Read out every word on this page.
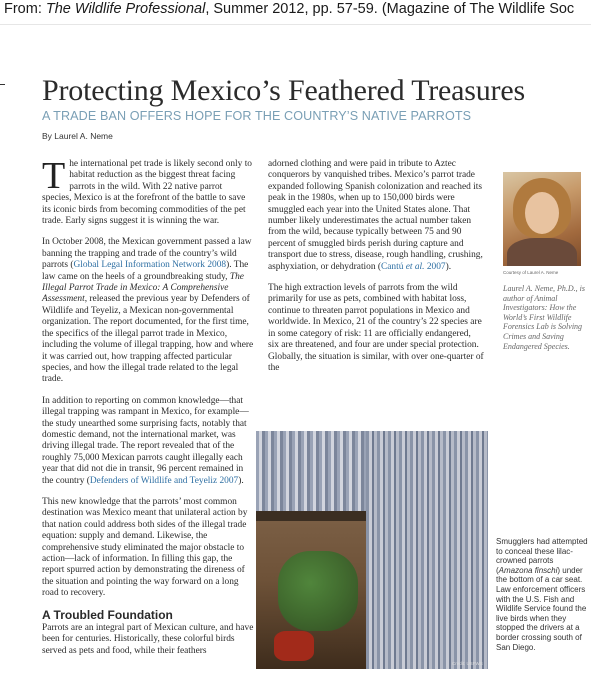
From: The Wildlife Professional, Summer 2012, pp. 57-59. (Magazine of The Wildlife Soc
Protecting Mexico’s Feathered Treasures
A TRADE BAN OFFERS HOPE FOR THE COUNTRY’S NATIVE PARROTS
By Laurel A. Neme

The international pet trade is likely second only to habitat reduction as the biggest threat facing parrots in the wild. With 22 native parrot species, Mexico is at the forefront of the battle to save its iconic birds from becoming commodities of the pet trade. Early signs suggest it is winning the war.

In October 2008, the Mexican government passed a law banning the trapping and trade of the country’s wild parrots (Global Legal Information Network 2008). The law came on the heels of a groundbreaking study, The Illegal Parrot Trade in Mexico: A Comprehensive Assessment, released the previous year by Defenders of Wildlife and Teyeliz, a Mexican non-governmental organization. The report documented, for the first time, the specifics of the illegal parrot trade in Mexico, including the volume of illegal trapping, how and where it was carried out, how trapping affected particular species, and how the illegal trade related to the legal trade.

In addition to reporting on common knowledge—that illegal trapping was rampant in Mexico, for example—the study unearthed some surprising facts, notably that domestic demand, not the international market, was driving illegal trade. The report revealed that of the roughly 75,000 Mexican parrots caught illegally each year that did not die in transit, 96 percent remained in the country (Defenders of Wildlife and Teyeliz 2007).

This new knowledge that the parrots’ most common destination was Mexico meant that unilateral action by that nation could address both sides of the illegal trade equation: supply and demand. Likewise, the comprehensive study eliminated the major obstacle to action—lack of information. In filling this gap, the report spurred action by demonstrating the direness of the situation and pointing the way forward on a long road to recovery.

A Troubled Foundation

Parrots are an integral part of Mexican culture, and have been for centuries. Historically, these colorful birds served as pets and food, while their feathers

adorned clothing and were paid in tribute to Aztec conquerors by vanquished tribes. Mexico’s parrot trade expanded following Spanish colonization and reached its peak in the 1980s, when up to 150,000 birds were smuggled each year into the United States alone. That number likely underestimates the actual number taken from the wild, because typically between 75 and 90 percent of smuggled birds perish during capture and transport due to stress, disease, rough handling, crushing, asphyxiation, or dehydration (Cantú et al. 2007).

The high extraction levels of parrots from the wild primarily for use as pets, combined with habitat loss, continue to threaten parrot populations in Mexico and worldwide. In Mexico, 21 of the country’s 22 species are in some category of risk: 11 are officially endangered, six are threatened, and four are under special protection. Globally, the situation is similar, with over one-quarter of the

Courtesy of Laurel A. Neme
Laurel A. Neme, Ph.D., is author of Animal Investigators: How the World’s First Wildlife Forensics Lab is Solving Crimes and Saving Endangered Species.
Credit: USFWS
Smugglers had attempted to conceal these lilac-crowned parrots (Amazona finschi) under the bottom of a car seat. Law enforcement officers with the U.S. Fish and Wildlife Service found the live birds when they stopped the drivers at a border crossing south of San Diego.
